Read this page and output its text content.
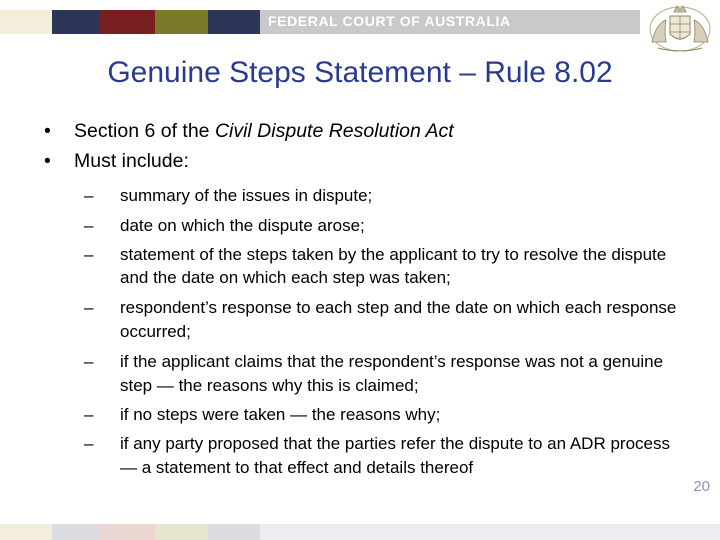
FEDERAL COURT OF AUSTRALIA
Genuine Steps Statement – Rule 8.02
• Section 6 of the Civil Dispute Resolution Act
• Must include:
– summary of the issues in dispute;
– date on which the dispute arose;
– statement of the steps taken by the applicant to try to resolve the dispute and the date on which each step was taken;
– respondent’s response to each step and the date on which each response occurred;
– if the applicant claims that the respondent’s response was not a genuine step — the reasons why this is claimed;
– if no steps were taken — the reasons why;
– if any party proposed that the parties refer the dispute to an ADR process — a statement to that effect and details thereof
20
